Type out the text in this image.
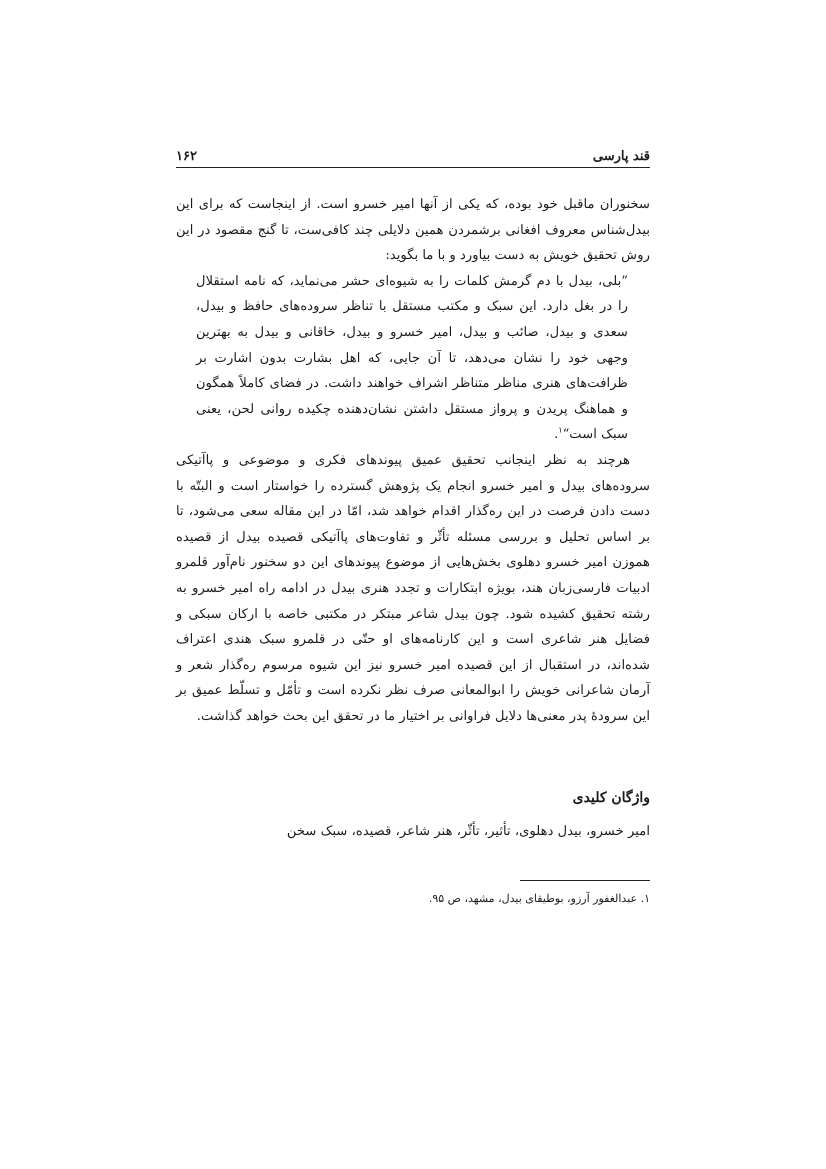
قند پارسی
۱۶۲

سخنوران ماقبل خود بوده، که یکی از آنها امیر خسرو است. از اینجاست که برای این بیدل‌شناس معروف افغانی برشمردن همین دلایلی چند کافی‌ست، تا گنج مقصود در این روش تحقیق خویش به دست بیاورد و با ما بگوید:

”بلی، بیدل با دم گرمش کلمات را به شیوه‌ای حشر می‌نماید، که نامه استقلال را در بغل دارد. این سبک و مکتب مستقل با تناظر سروده‌های حافظ و بیدل، سعدی و بیدل، صائب و بیدل، امیر خسرو و بیدل، خاقانی و بیدل به بهترین وجهی خود را نشان می‌دهد، تا آن جایی، که اهل بشارت بدون اشارت بر ظرافت‌های هنری مناظر متناظر اشراف خواهند داشت. در فضای کاملاً همگون و هماهنگ پریدن و پرواز مستقل داشتن نشان‌دهنده چکیده روانی لحن، یعنی سبک است“$^۱$.

هرچند به نظر اینجانب تحقیق عمیق پیوندهای فکری و موضوعی و پاآتیکی سروده‌های بیدل و امیر خسرو انجام یک پژوهش گسترده را خواستار است و البتّه با دست دادن فرصت در این ره‌گذار اقدام خواهد شد، امّا در این مقاله سعی می‌شود، تا بر اساس تحلیل و بررسی مسئله تأثّر و تفاوت‌های پاآتیکی قصیده بیدل از قصیده هموزن امیر خسرو دهلوی بخش‌هایی از موضوع پیوندهای این دو سخنور نام‌آور قلمرو ادبیات فارسی‌زبان هند، بویژه ابتکارات و تجدد هنری بیدل در ادامه راه امیر خسرو به رشته تحقیق کشیده شود. چون بیدل شاعر مبتکر در مکتبی خاصه با ارکان سبکی و فضایل هنر شاعری است و این کارنامه‌های او حتّی در قلمرو سبک هندی اعتراف شده‌اند، در استقبال از این قصیده امیر خسرو نیز این شیوه مرسوم ره‌گذار شعر و آرمان شاعرانی خویش را ابوالمعانی صرف نظر نکرده است و تأمّل و تسلّط عمیق بر این سرودهٔ پدر معنی‌ها دلایل فراوانی بر اختیار ما در تحقق این بحث خواهد گذاشت.

واژگان کلیدی
امیر خسرو، بیدل دهلوی، تأثیر، تأثّر، هنر شاعر، قصیده، سبک سخن
۱. عبدالغفور آرزو، بوطیقای بیدل، مشهد، ص ۹۵.
